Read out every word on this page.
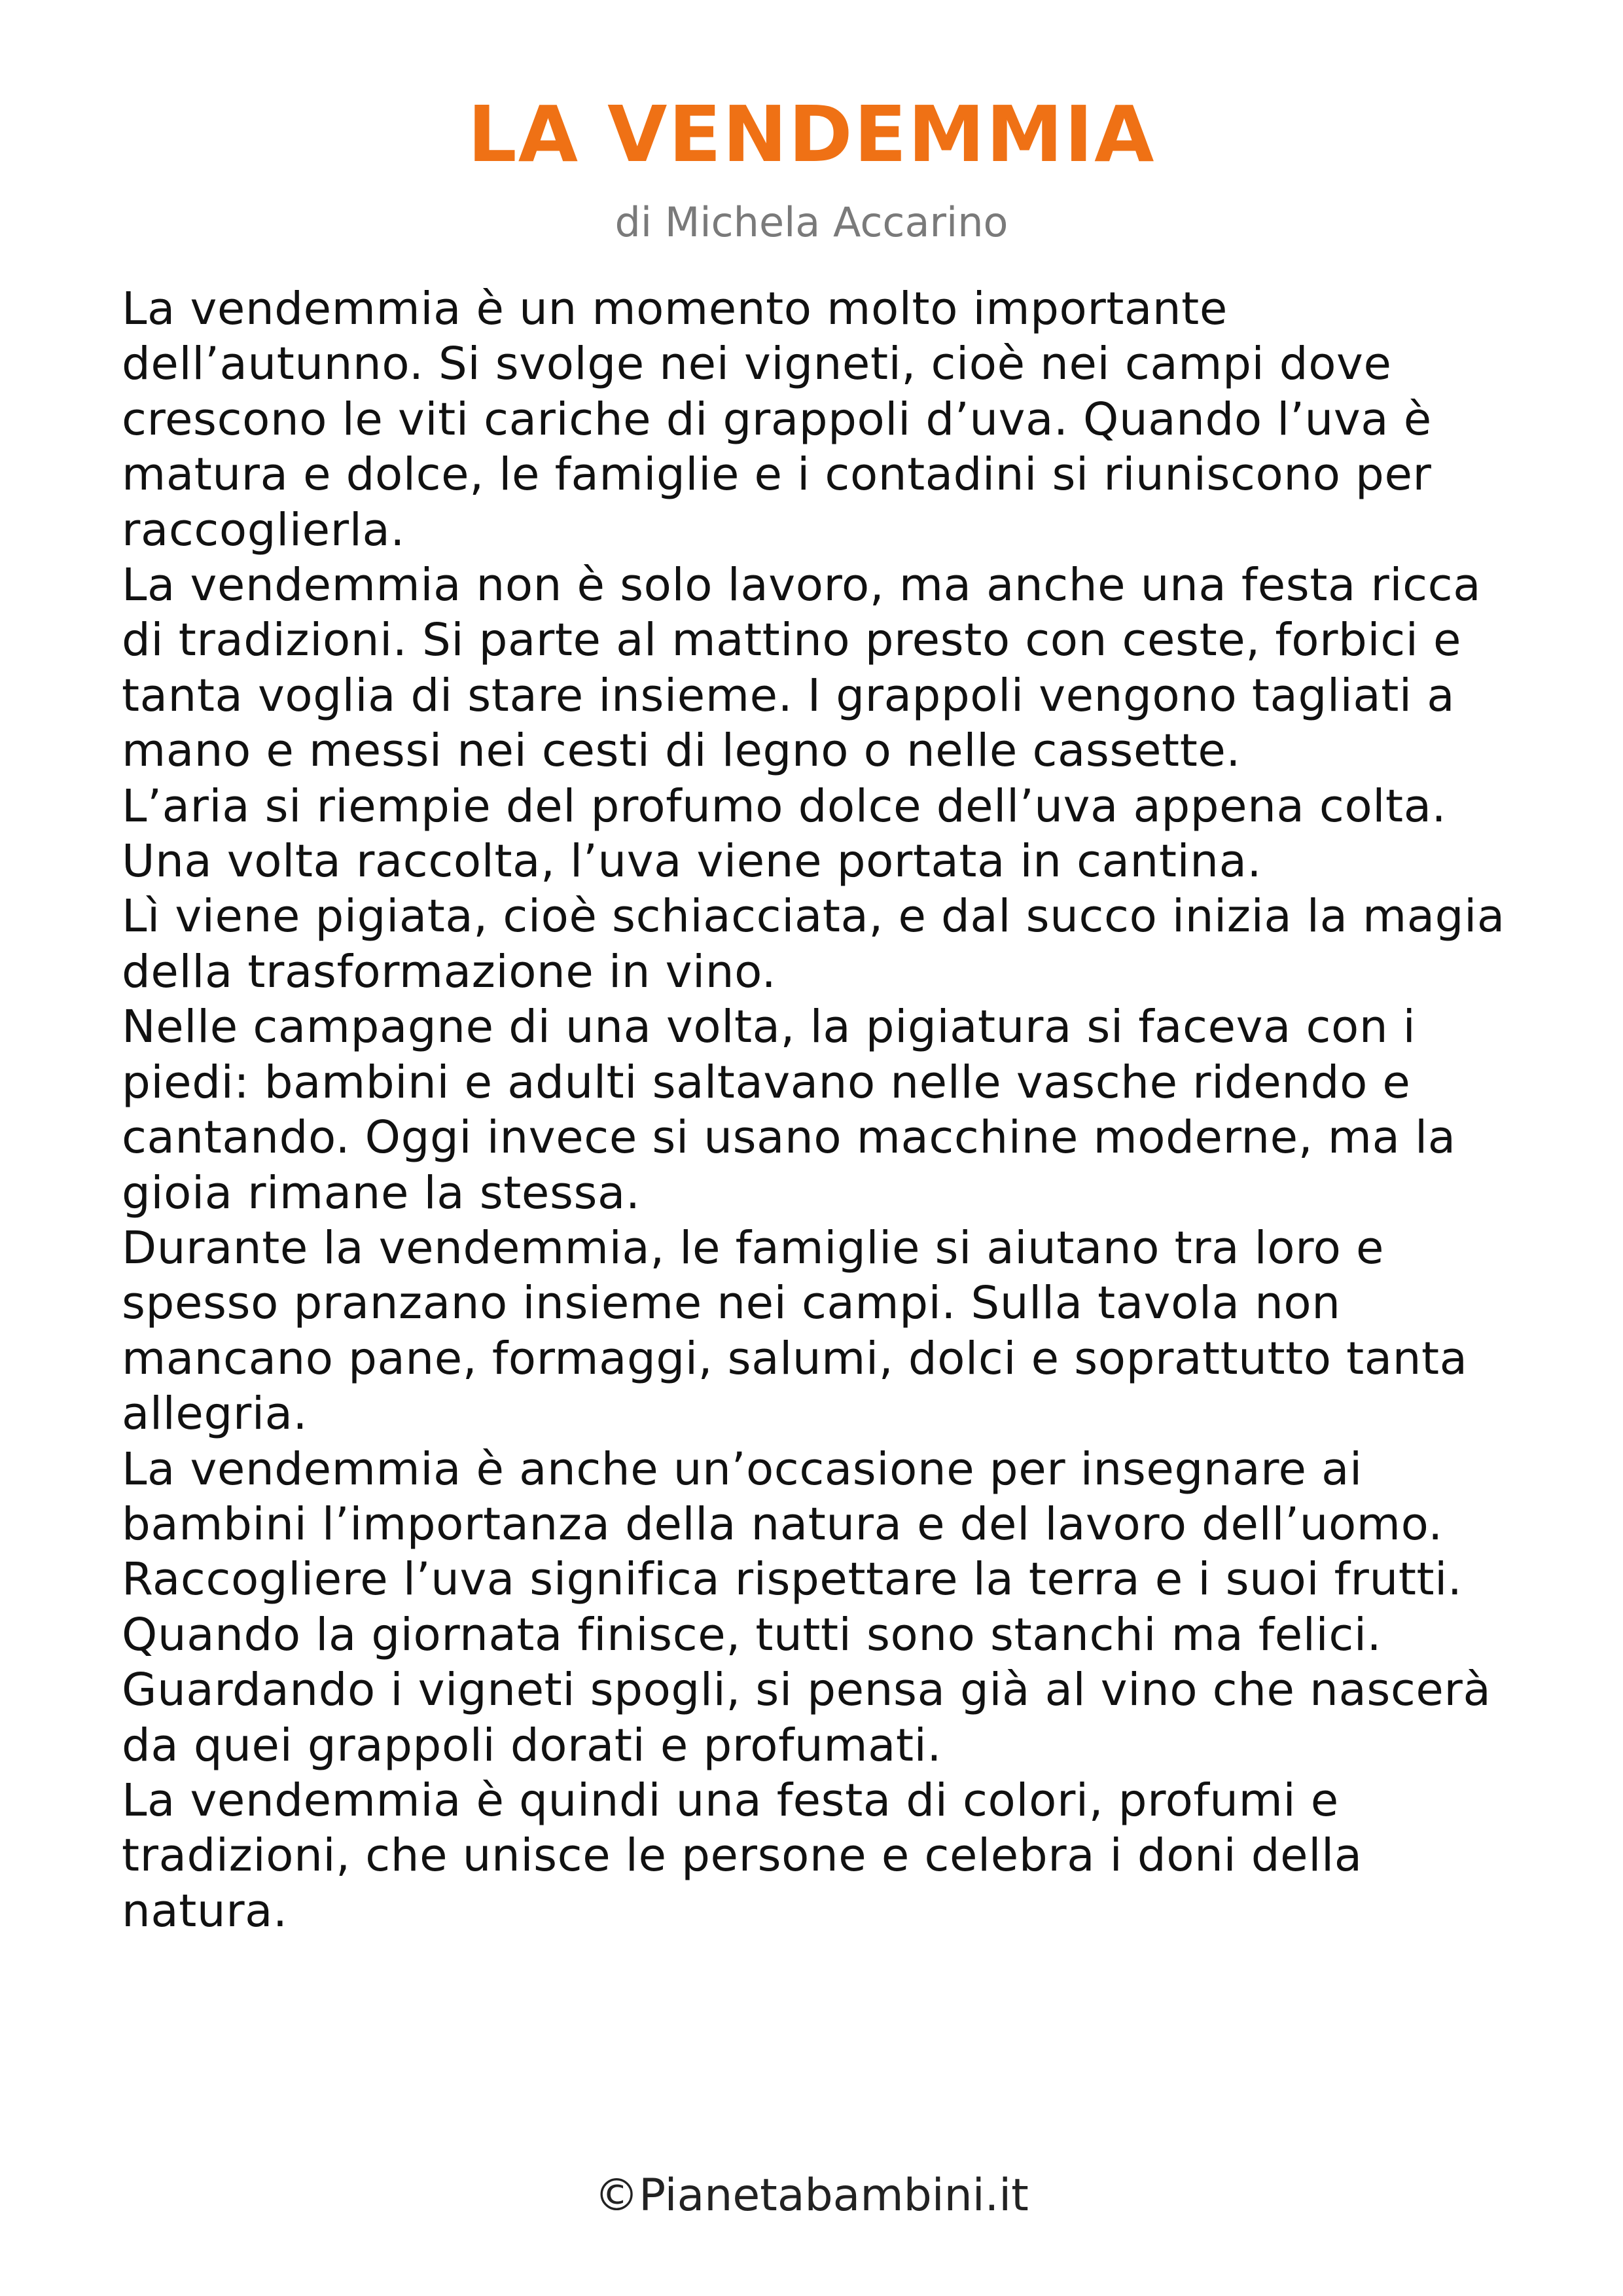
LA VENDEMMIA
di Michela Accarino
La vendemmia è un momento molto importante
dell’autunno. Si svolge nei vigneti, cioè nei campi dove
crescono le viti cariche di grappoli d’uva. Quando l’uva è
matura e dolce, le famiglie e i contadini si riuniscono per
raccoglierla.
La vendemmia non è solo lavoro, ma anche una festa ricca
di tradizioni. Si parte al mattino presto con ceste, forbici e
tanta voglia di stare insieme. I grappoli vengono tagliati a
mano e messi nei cesti di legno o nelle cassette.
L’aria si riempie del profumo dolce dell’uva appena colta.
Una volta raccolta, l’uva viene portata in cantina.
Lì viene pigiata, cioè schiacciata, e dal succo inizia la magia
della trasformazione in vino.
Nelle campagne di una volta, la pigiatura si faceva con i
piedi: bambini e adulti saltavano nelle vasche ridendo e
cantando. Oggi invece si usano macchine moderne, ma la
gioia rimane la stessa.
Durante la vendemmia, le famiglie si aiutano tra loro e
spesso pranzano insieme nei campi. Sulla tavola non
mancano pane, formaggi, salumi, dolci e soprattutto tanta
allegria.
La vendemmia è anche un’occasione per insegnare ai
bambini l’importanza della natura e del lavoro dell’uomo.
Raccogliere l’uva significa rispettare la terra e i suoi frutti.
Quando la giornata finisce, tutti sono stanchi ma felici.
Guardando i vigneti spogli, si pensa già al vino che nascerà
da quei grappoli dorati e profumati.
La vendemmia è quindi una festa di colori, profumi e
tradizioni, che unisce le persone e celebra i doni della
natura.
©Pianetabambini.it
